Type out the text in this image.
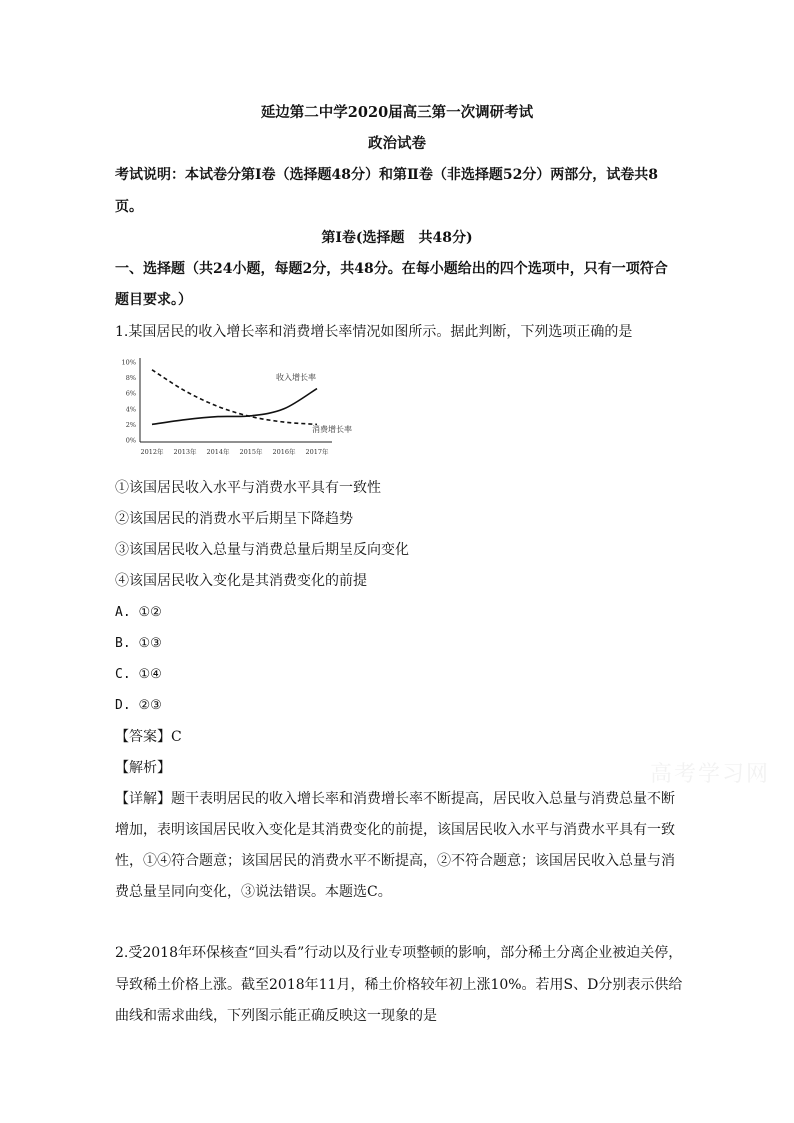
延边第二中学2020届高三第一次调研考试
政治试卷
考试说明：本试卷分第Ⅰ卷（选择题48分）和第Ⅱ卷（非选择题52分）两部分，试卷共8
页。
第Ⅰ卷(选择题　共48分)
一、选择题（共24小题，每题2分，共48分。在每小题给出的四个选项中，只有一项符合
题目要求。）
1.某国居民的收入增长率和消费增长率情况如图所示。据此判断，下列选项正确的是
0%
2%
4%
6%
8%
10%
2012年 2013年 2014年 2015年 2016年 2017年
收入增长率
消费增长率
①该国居民收入水平与消费水平具有一致性
②该国居民的消费水平后期呈下降趋势
③该国居民收入总量与消费总量后期呈反向变化
④该国居民收入变化是其消费变化的前提
A. ①②
B. ①③
C. ①④
D. ②③
【答案】C
【解析】
【详解】题干表明居民的收入增长率和消费增长率不断提高，居民收入总量与消费总量不断
增加，表明该国居民收入变化是其消费变化的前提，该国居民收入水平与消费水平具有一致
性，①④符合题意；该国居民的消费水平不断提高，②不符合题意；该国居民收入总量与消
费总量呈同向变化，③说法错误。本题选C。
2.受2018年环保核查“回头看”行动以及行业专项整顿的影响，部分稀土分离企业被迫关停，
导致稀土价格上涨。截至2018年11月，稀土价格较年初上涨10%。若用S、D分别表示供给
曲线和需求曲线，下列图示能正确反映这一现象的是
高考学习网
